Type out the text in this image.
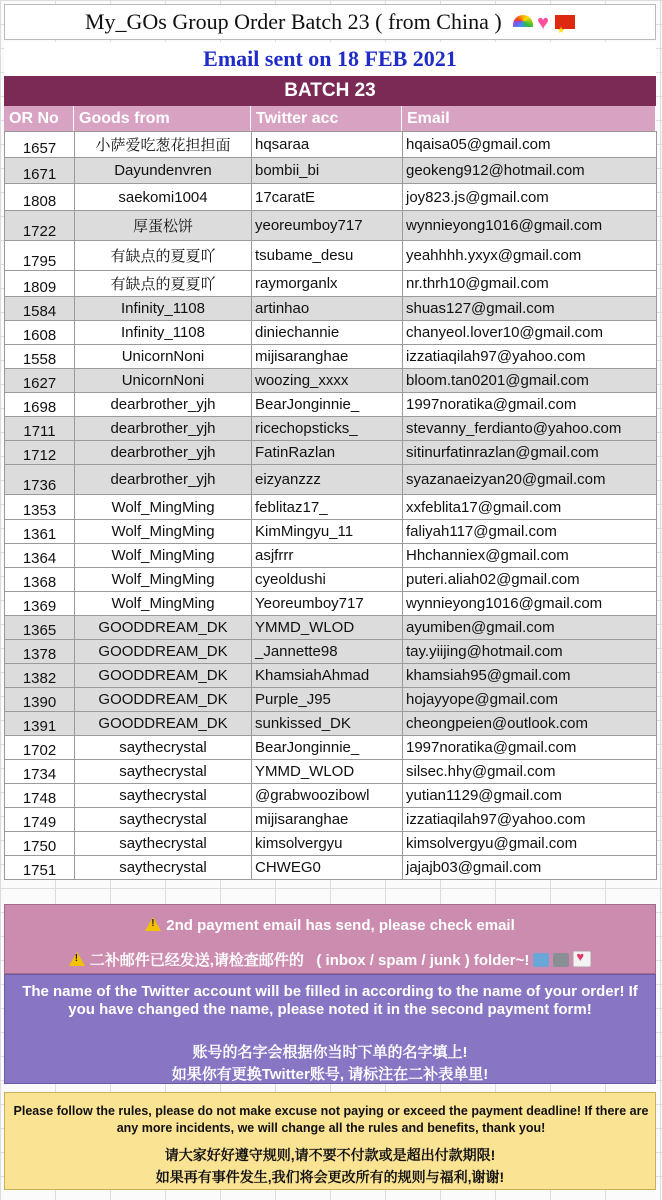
My_GOs Group Order Batch 23 ( from China ) ♥★
Email sent on 18 FEB 2021
BATCH 23
OR No	Goods from	Twitter acc	Email
1657	小萨爱吃葱花担担面	hqsaraa	hqaisa05@gmail.com
1671	Dayundenvren	bombii_bi	geokeng912@hotmail.com
1808	saekomi1004	17caratE	joy823.js@gmail.com
1722	厚蛋松饼	yeoreumboy717	wynnieyong1016@gmail.com
1795	有缺点的夏夏吖	tsubame_desu	yeahhhh.yxyx@gmail.com
1809	有缺点的夏夏吖	raymorganlx	nr.thrh10@gmail.com
1584	Infinity_1108	artinhao	shuas127@gmail.com
1608	Infinity_1108	diniechannie	chanyeol.lover10@gmail.com
1558	UnicornNoni	mijisaranghae	izzatiaqilah97@yahoo.com
1627	UnicornNoni	woozing_xxxx	bloom.tan0201@gmail.com
1698	dearbrother_yjh	BearJonginnie_	1997noratika@gmail.com
1711	dearbrother_yjh	ricechopsticks_	stevanny_ferdianto@yahoo.com
1712	dearbrother_yjh	FatinRazlan	sitinurfatinrazlan@gmail.com
1736	dearbrother_yjh	eizyanzzz	syazanaeizyan20@gmail.com
1353	Wolf_MingMing	feblitaz17_	xxfeblita17@gmail.com
1361	Wolf_MingMing	KimMingyu_11	faliyah117@gmail.com
1364	Wolf_MingMing	asjfrrr	Hhchanniex@gmail.com
1368	Wolf_MingMing	cyeoldushi	puteri.aliah02@gmail.com
1369	Wolf_MingMing	Yeoreumboy717	wynnieyong1016@gmail.com
1365	GOODDREAM_DK	YMMD_WLOD	ayumiben@gmail.com
1378	GOODDREAM_DK	_Jannette98	tay.yiijing@hotmail.com
1382	GOODDREAM_DK	KhamsiahAhmad	khamsiah95@gmail.com
1390	GOODDREAM_DK	Purple_J95	hojayyope@gmail.com
1391	GOODDREAM_DK	sunkissed_DK	cheongpeien@outlook.com
1702	saythecrystal	BearJonginnie_	1997noratika@gmail.com
1734	saythecrystal	YMMD_WLOD	silsec.hhy@gmail.com
1748	saythecrystal	@grabwoozibowl	yutian1129@gmail.com
1749	saythecrystal	mijisaranghae	izzatiaqilah97@yahoo.com
1750	saythecrystal	kimsolvergyu	kimsolvergyu@gmail.com
1751	saythecrystal	CHWEG0	jajajb03@gmail.com
!2nd payment email has send, please check email
!二补邮件已经发送,请检查邮件的 ( inbox / spam / junk ) folder~!♥
The name of the Twitter account will be filled in according to the name of your order! If you have changed the name, please noted it in the second payment form!
账号的名字会根据你当时下单的名字填上!
如果你有更换Twitter账号, 请标注在二补表单里!
Please follow the rules, please do not make excuse not paying or exceed the payment deadline! If there are any more incidents, we will change all the rules and benefits, thank you!
请大家好好遵守规则,请不要不付款或是超出付款期限!
如果再有事件发生,我们将会更改所有的规则与福利,谢谢!
